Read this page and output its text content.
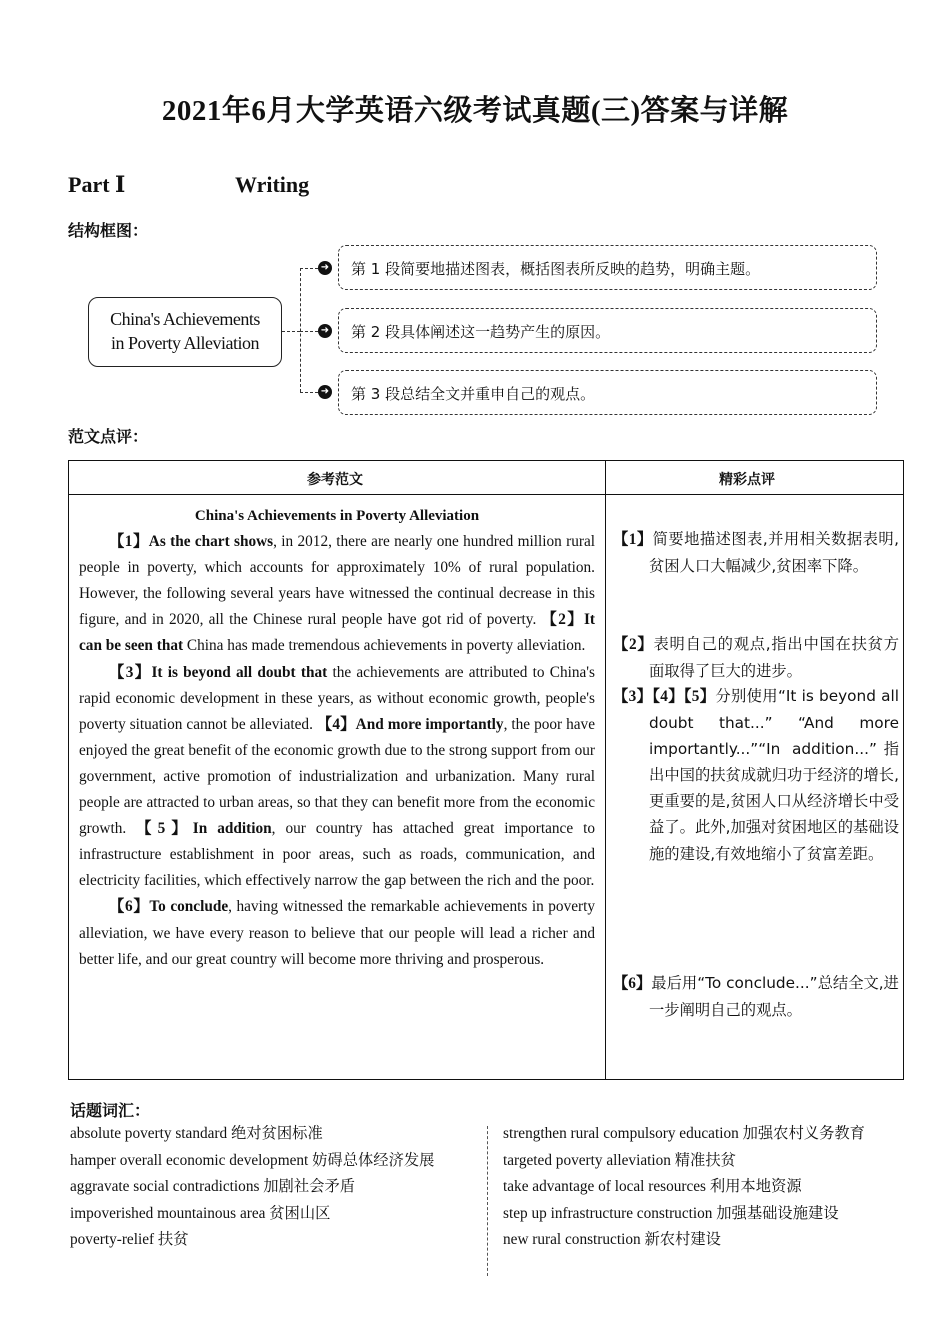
2021年6月大学英语六级考试真题(三)答案与详解
Part Ⅰ	Writing
结构框图：
China's Achievements
in Poverty Alleviation
➜
➜
➜
第 1 段简要地描述图表，概括图表所反映的趋势，明确主题。
第 2 段具体阐述这一趋势产生的原因。
第 3 段总结全文并重申自己的观点。
范文点评：
参考范文	精彩点评
China's Achievements in Poverty Alleviation

【1】As the chart shows, in 2012, there are nearly one hundred million rural people in poverty, which accounts for approximately 10% of rural population. However, the following several years have witnessed the continual decrease in this figure, and in 2020, all the Chinese rural people have got rid of poverty. 【2】It can be seen that China has made tremendous achievements in poverty alleviation.

【3】It is beyond all doubt that the achievements are attributed to China's rapid economic development in these years, as without economic growth, people's poverty situation cannot be alleviated. 【4】And more importantly, the poor have enjoyed the great benefit of the economic growth due to the strong support from our government, active promotion of industrialization and urbanization. Many rural people are attracted to urban areas, so that they can benefit more from the economic growth. 【5】In addition, our country has attached great importance to infrastructure establishment in poor areas, such as roads, communication, and electricity facilities, which effectively narrow the gap between the rich and the poor.

【6】To conclude, having witnessed the remarkable achievements in poverty alleviation, we have every reason to believe that our people will lead a richer and better life, and our great country will become more thriving and prosperous.

【1】简要地描述图表,并用相关数据表明,贫困人口大幅减少,贫困率下降。
【2】表明自己的观点,指出中国在扶贫方面取得了巨大的进步。
【3】【4】【5】分别使用“It is beyond all doubt that...” “And more importantly...”“In addition...”指出中国的扶贫成就归功于经济的增长,更重要的是,贫困人口从经济增长中受益了。此外,加强对贫困地区的基础设施的建设,有效地缩小了贫富差距。
【6】最后用“To conclude...”总结全文,进一步阐明自己的观点。
话题词汇：
absolute poverty standard 绝对贫困标准
hamper overall economic development 妨碍总体经济发展
aggravate social contradictions 加剧社会矛盾
impoverished mountainous area 贫困山区
poverty-relief 扶贫
strengthen rural compulsory education 加强农村义务教育
targeted poverty alleviation 精准扶贫
take advantage of local resources 利用本地资源
step up infrastructure construction 加强基础设施建设
new rural construction 新农村建设
